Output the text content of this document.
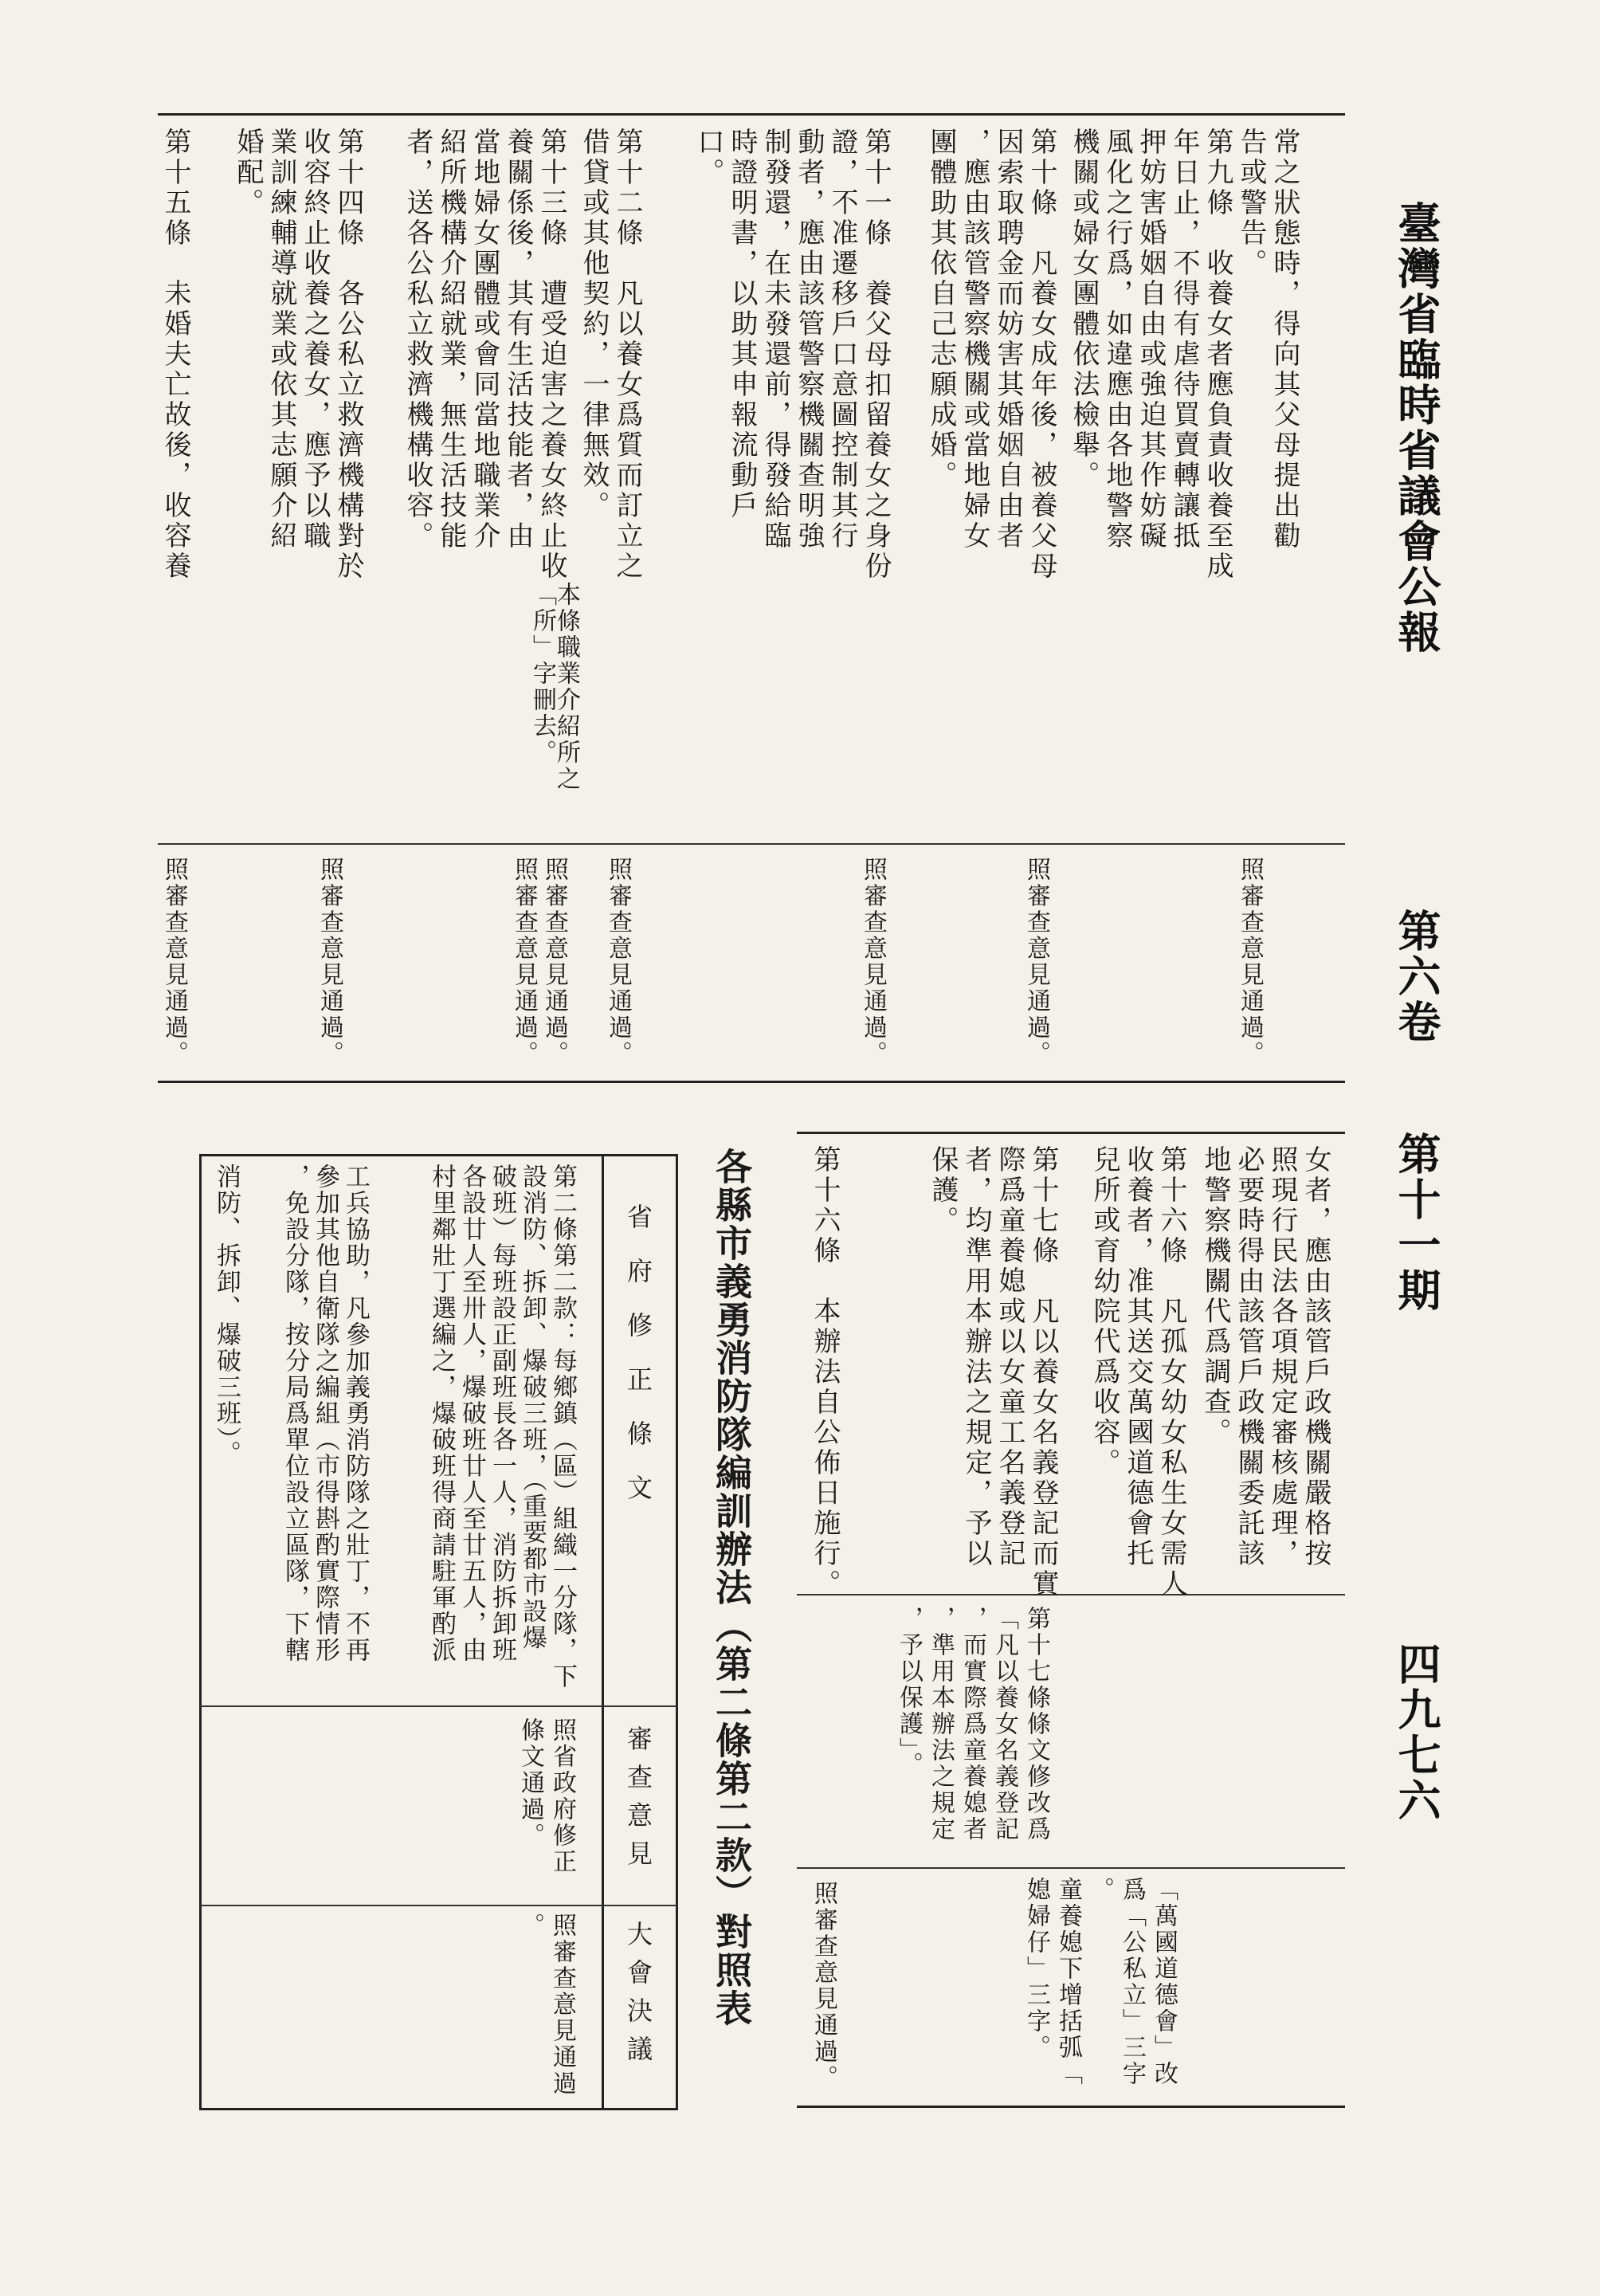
臺灣省臨時省議會公報
第六卷
第十一期
四九七六
常之狀態時，得向其父母提出勸
告或警告。
照審查意見通過。
第九條　收養女者應負責收養至成
年日止，不得有虐待買賣轉讓抵
押妨害婚姻自由或強迫其作妨礙
風化之行爲，如違應由各地警察
機關或婦女團體依法檢舉。
照審查意見通過。
第十條　凡養女成年後，被養父母
因索取聘金而妨害其婚姻自由者
，應由該管警察機關或當地婦女
團體助其依自己志願成婚。
照審查意見通過。
第十一條　養父母扣留養女之身份
證，不准遷移戶口意圖控制其行
動者，應由該管警察機關查明強
制發還，在未發還前，得發給臨
時證明書，以助其申報流動戶
口。
照審查意見通過。
第十二條　凡以養女爲質而訂立之
借貸或其他契約，一律無效。
照審查意見通過。
第十三條　遭受迫害之養女終止收
養關係後，其有生活技能者，由
當地婦女團體或會同當地職業介
紹所機構介紹就業，無生活技能
者，送各公私立救濟機構收容。
本條職業介紹所之「所」字刪去。
照審查意見通過。
第十四條　各公私立救濟機構對於
收容終止收養之養女，應予以職
業訓練輔導就業或依其志願介紹
婚配。
照審查意見通過。
第十五條　未婚夫亡故後，收容養
照審查意見通過。
女者，應由該管戶政機關嚴格按
照現行民法各項規定審核處理，
必要時得由該管戶政機關委託該
地警察機關代爲調查。
第十六條　凡孤女幼女私生女需人
收養者，准其送交萬國道德會托
兒所或育幼院代爲收容。
第十七條　凡以養女名義登記而實
際爲童養媳或以女童工名義登記
者，均準用本辦法之規定，予以
保護。
第十六條　本辦法自公佈日施行。
「萬國道德會」改
爲「公私立」三字
。
第十七條條文修改爲
「凡以養女名義登記
，而實際爲童養媳者
，準用本辦法之規定
，予以保護」。
童養媳下增括弧「
媳婦仔」三字。
照審查意見通過。
各縣市義勇消防隊編訓辦法（第二條第二款）對照表
省府修正條文
審查意見
大會決議
第二條第二款：每鄉鎮（區）組織一分隊，下
設消防、拆卸、爆破三班，（重要都市設爆
破班）每班設正副班長各一人，消防拆卸班
各設廿人至卅人，爆破班廿人至廿五人，由
村里鄰壯丁選編之，爆破班得商請駐軍酌派
工兵協助，凡參加義勇消防隊之壯丁，不再
參加其他自衛隊之編組（市得斟酌實際情形
，免設分隊，按分局爲單位設立區隊，下轄
消防、拆卸、爆破三班）。
照省政府修正
條文通過。
照審查意見通過
。
